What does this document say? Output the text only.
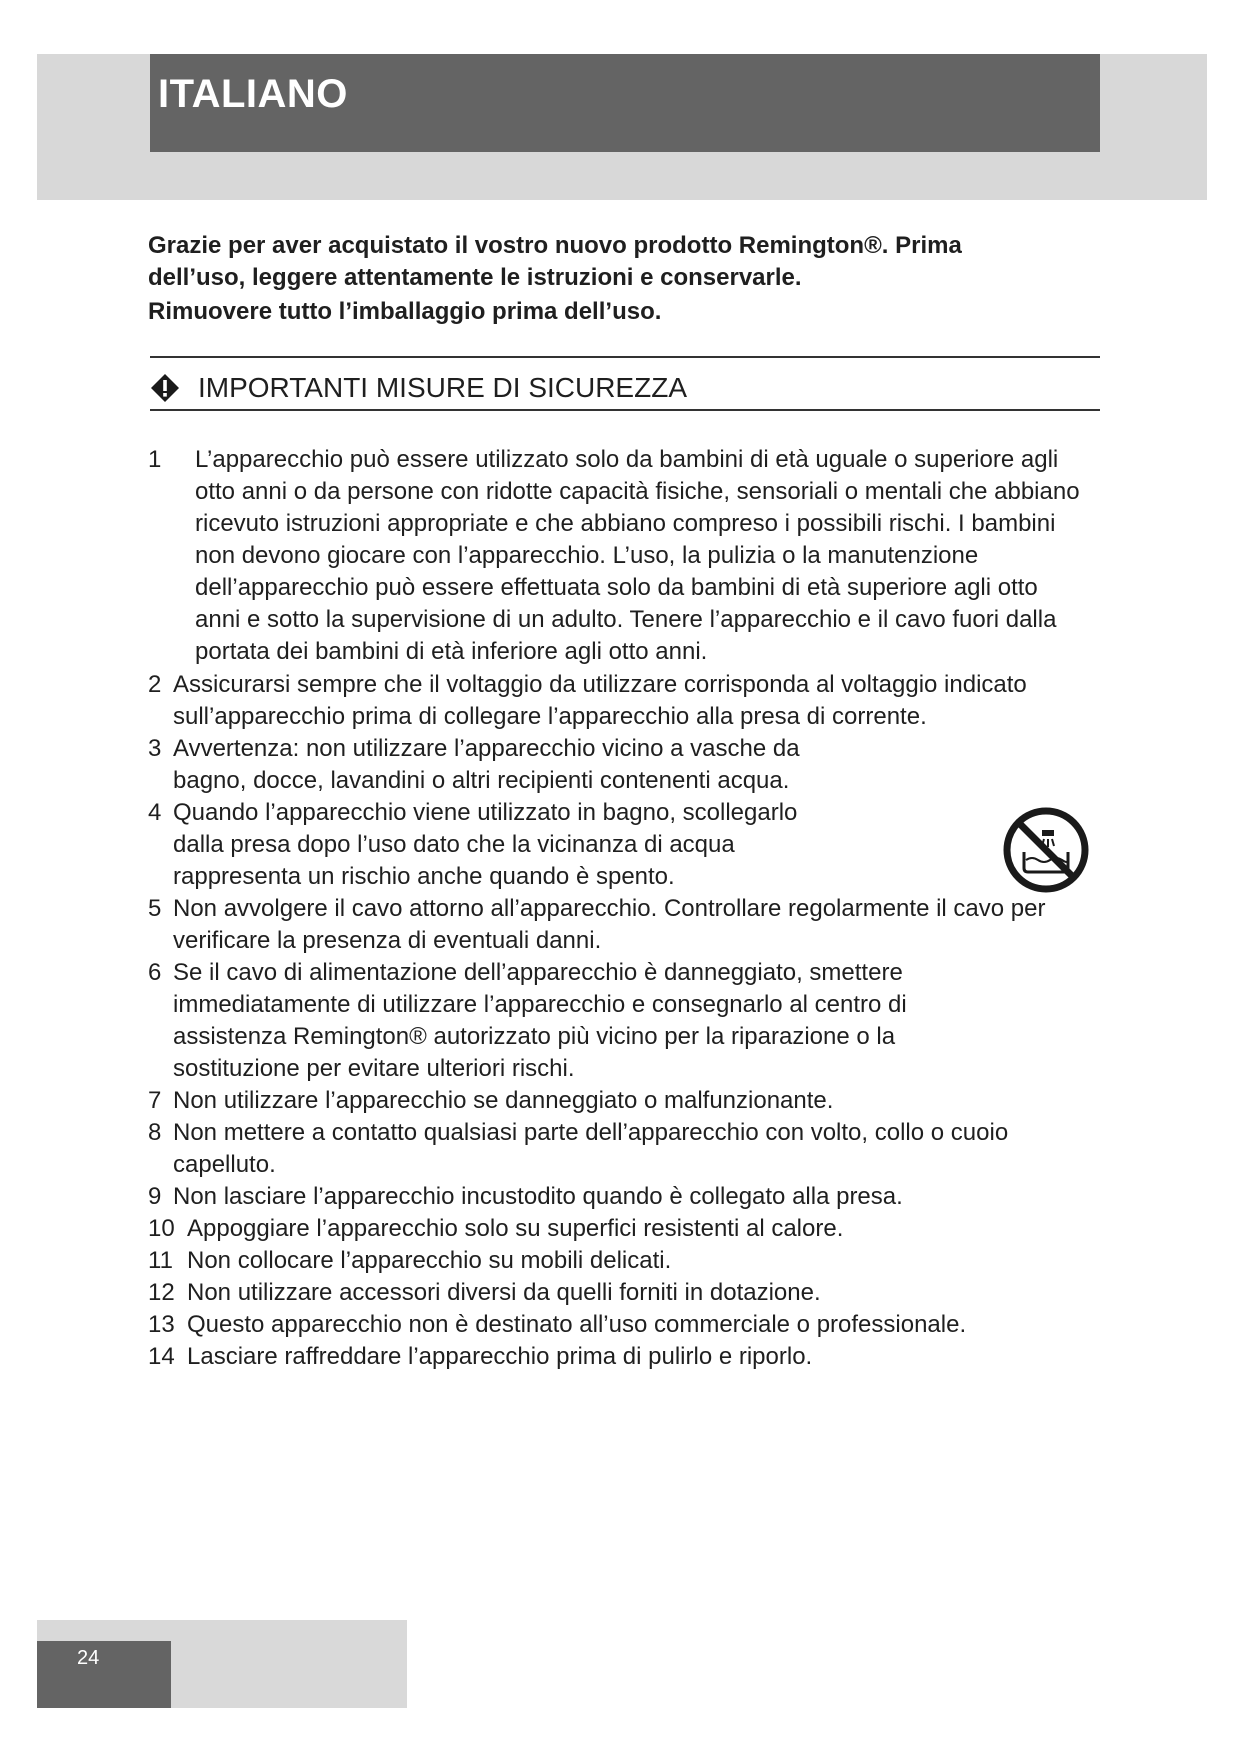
ITALIANO

Grazie per aver acquistato il vostro nuovo prodotto Remington®. Prima

dell’uso, leggere attentamente le istruzioni e conservarle.

Rimuovere tutto l’imballaggio prima dell’uso.

IMPORTANTI MISURE DI SICUREZZA
1	L’apparecchio può essere utilizzato solo da bambini di età uguale o superiore agli otto anni o da persone con ridotte capacità fisiche, sensoriali o mentali che abbiano ricevuto istruzioni appropriate e che abbiano compreso i possibili rischi. I bambini non devono giocare con l’apparecchio. L’uso, la pulizia o la manutenzione dell’apparecchio può essere effettuata solo da bambini di età superiore agli otto anni e sotto la supervisione di un adulto. Tenere l’apparecchio e il cavo fuori dalla portata dei bambini di età inferiore agli otto anni.
2 Assicurarsi sempre che il voltaggio da utilizzare corrisponda al voltaggio indicato sull’apparecchio prima di collegare l’apparecchio alla presa di corrente.
3 Avvertenza: non utilizzare l’apparecchio vicino a vasche da bagno, docce, lavandini o altri recipienti contenenti acqua.
4 Quando l’apparecchio viene utilizzato in bagno, scollegarlo dalla presa dopo l’uso dato che la vicinanza di acqua rappresenta un rischio anche quando è spento.
5 Non avvolgere il cavo attorno all’apparecchio. Controllare regolarmente il cavo per verificare la presenza di eventuali danni.
6 Se il cavo di alimentazione dell’apparecchio è danneggiato, smettere immediatamente di utilizzare l’apparecchio e consegnarlo al centro di assistenza Remington® autorizzato più vicino per la riparazione o la sostituzione per evitare ulteriori rischi.
7 Non utilizzare l’apparecchio se danneggiato o malfunzionante.
8 Non mettere a contatto qualsiasi parte dell’apparecchio con volto, collo o cuoio capelluto.
9 Non lasciare l’apparecchio incustodito quando è collegato alla presa.
10 Appoggiare l’apparecchio solo su superfici resistenti al calore.
11 Non collocare l’apparecchio su mobili delicati.
12 Non utilizzare accessori diversi da quelli forniti in dotazione.
13 Questo apparecchio non è destinato all’uso commerciale o professionale.
14 Lasciare raffreddare l’apparecchio prima di pulirlo e riporlo.
24
